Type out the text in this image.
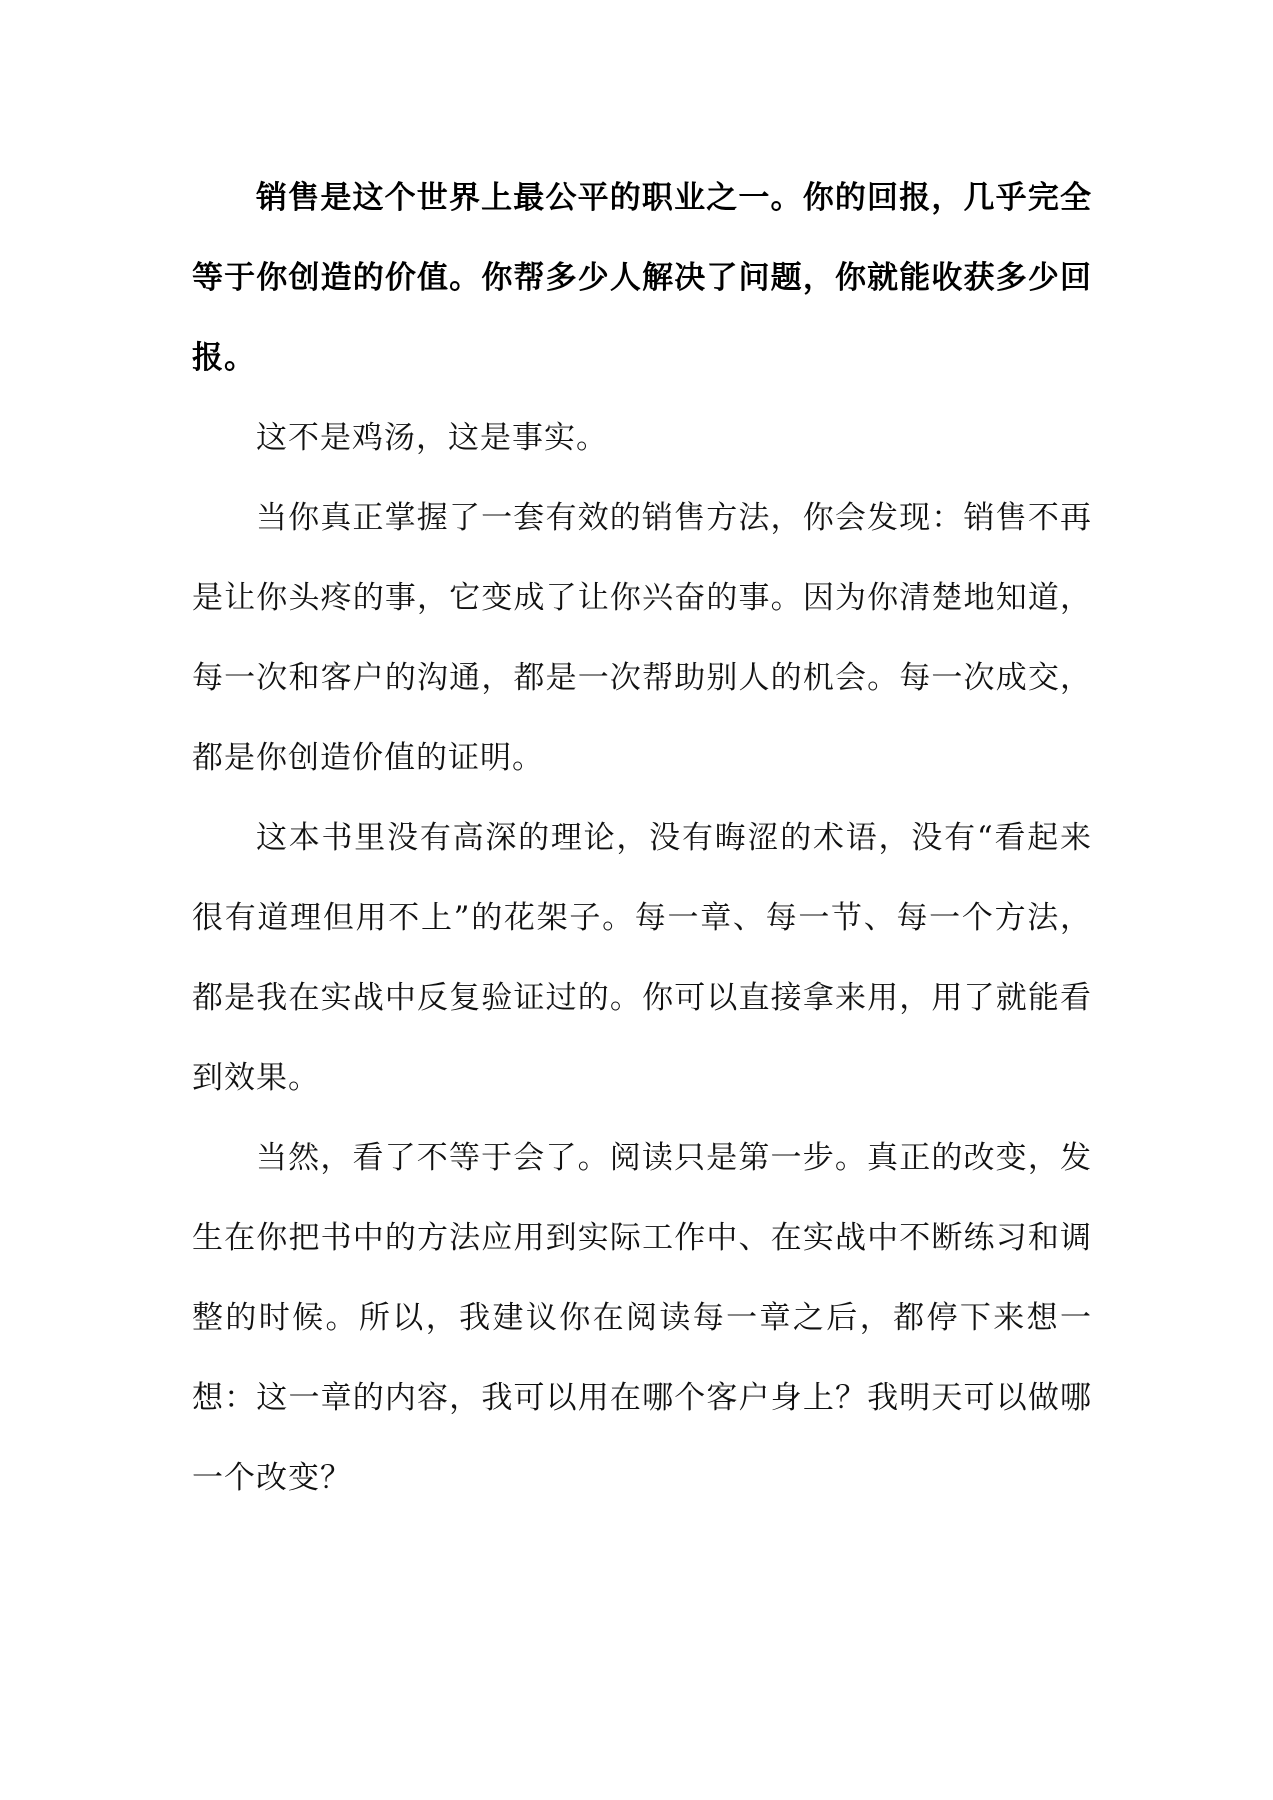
销售是这个世界上最公平的职业之一。你的回报，几乎完全等于你创造的价值。你帮多少人解决了问题，你就能收获多少回报。

这不是鸡汤，这是事实。

当你真正掌握了一套有效的销售方法，你会发现：销售不再是让你头疼的事，它变成了让你兴奋的事。因为你清楚地知道，每一次和客户的沟通，都是一次帮助别人的机会。每一次成交，都是你创造价值的证明。

这本书里没有高深的理论，没有晦涩的术语，没有“看起来很有道理但用不上”的花架子。每一章、每一节、每一个方法，都是我在实战中反复验证过的。你可以直接拿来用，用了就能看到效果。

当然，看了不等于会了。阅读只是第一步。真正的改变，发生在你把书中的方法应用到实际工作中、在实战中不断练习和调整的时候。所以，我建议你在阅读每一章之后，都停下来想一想：这一章的内容，我可以用在哪个客户身上？我明天可以做哪一个改变？
